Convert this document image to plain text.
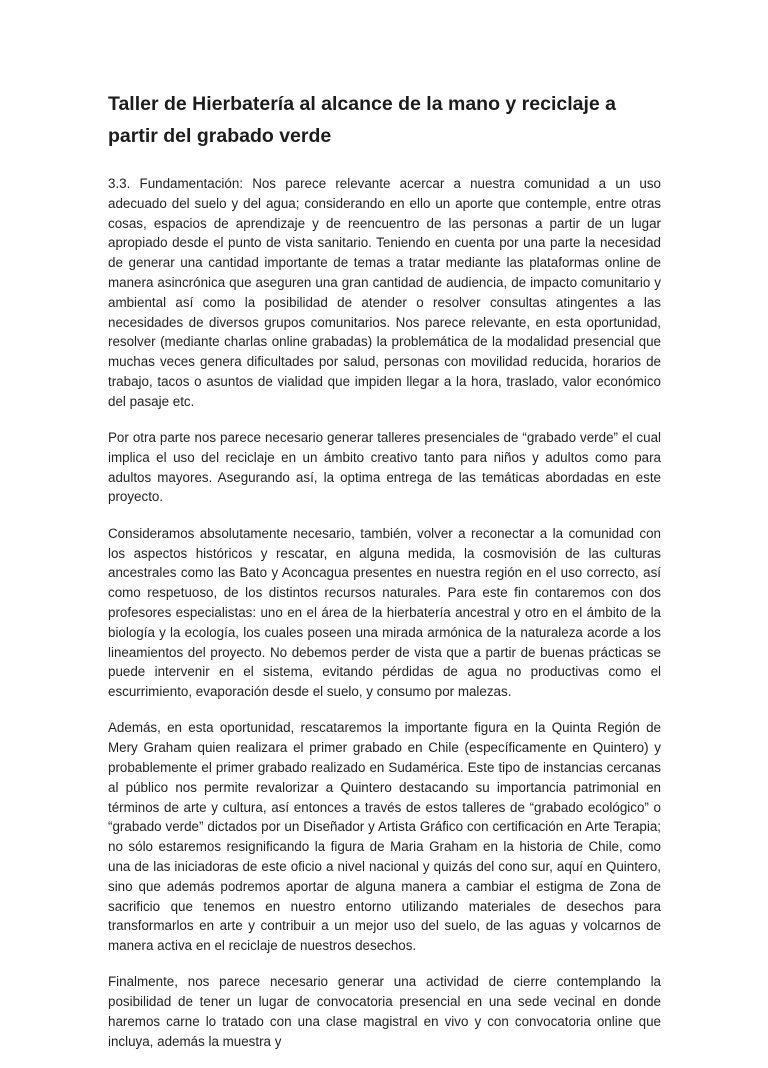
Taller de Hierbatería al alcance de la mano y reciclaje a partir del grabado verde

3.3. Fundamentación: Nos parece relevante acercar a nuestra comunidad a un uso adecuado del suelo y del agua; considerando en ello un aporte que contemple, entre otras cosas, espacios de aprendizaje y de reencuentro de las personas a partir de un lugar apropiado desde el punto de vista sanitario. Teniendo en cuenta por una parte la necesidad de generar una cantidad importante de temas a tratar mediante las plataformas online de manera asincrónica que aseguren una gran cantidad de audiencia, de impacto comunitario y ambiental así como la posibilidad de atender o resolver consultas atingentes a las necesidades de diversos grupos comunitarios. Nos parece relevante, en esta oportunidad, resolver (mediante charlas online grabadas) la problemática de la modalidad presencial que muchas veces genera dificultades por salud, personas con movilidad reducida, horarios de trabajo, tacos o asuntos de vialidad que impiden llegar a la hora, traslado, valor económico del pasaje etc.

Por otra parte nos parece necesario generar talleres presenciales de “grabado verde” el cual implica el uso del reciclaje en un ámbito creativo tanto para niños y adultos como para adultos mayores. Asegurando así, la optima entrega de las temáticas abordadas en este proyecto.

Consideramos absolutamente necesario, también, volver a reconectar a la comunidad con los aspectos históricos y rescatar, en alguna medida, la cosmovisión de las culturas ancestrales como las Bato y Aconcagua presentes en nuestra región en el uso correcto, así como respetuoso, de los distintos recursos naturales. Para este fin contaremos con dos profesores especialistas: uno en el área de la hierbatería ancestral y otro en el ámbito de la biología y la ecología, los cuales poseen una mirada armónica de la naturaleza acorde a los lineamientos del proyecto. No debemos perder de vista que a partir de buenas prácticas se puede intervenir en el sistema, evitando pérdidas de agua no productivas como el escurrimiento, evaporación desde el suelo, y consumo por malezas.

Además, en esta oportunidad, rescataremos la importante figura en la Quinta Región de Mery Graham quien realizara el primer grabado en Chile (específicamente en Quintero) y probablemente el primer grabado realizado en Sudamérica. Este tipo de instancias cercanas al público nos permite revalorizar a Quintero destacando su importancia patrimonial en términos de arte y cultura, así entonces a través de estos talleres de “grabado ecológico” o “grabado verde” dictados por un Diseñador y Artista Gráfico con certificación en Arte Terapia; no sólo estaremos resignificando la figura de Maria Graham en la historia de Chile, como una de las iniciadoras de este oficio a nivel nacional y quizás del cono sur, aquí en Quintero, sino que además podremos aportar de alguna manera a cambiar el estigma de Zona de sacrificio que tenemos en nuestro entorno utilizando materiales de desechos para transformarlos en arte y contribuir a un mejor uso del suelo, de las aguas y volcarnos de manera activa en el reciclaje de nuestros desechos.

Finalmente, nos parece necesario generar una actividad de cierre contemplando la posibilidad de tener un lugar de convocatoria presencial en una sede vecinal en donde haremos carne lo tratado con una clase magistral en vivo y con convocatoria online que incluya, además la muestra y
